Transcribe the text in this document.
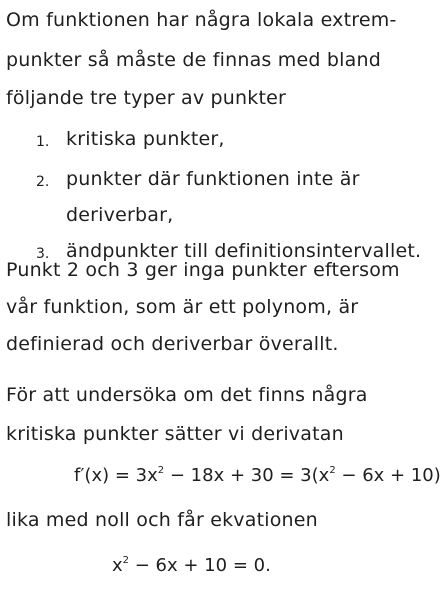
Om funktionen har några lokala extrem-
punkter så måste de finnas med bland
följande tre typer av punkter
1. kritiska punkter,
2. punkter där funktionen inte är
deriverbar,
3. ändpunkter till definitionsintervallet.
Punkt 2 och 3 ger inga punkter eftersom
vår funktion, som är ett polynom, är
definierad och deriverbar överallt.
För att undersöka om det finns några
kritiska punkter sätter vi derivatan
$f'(x) = 3x^2 - 18x + 30 = 3(x^2 - 6x + 10)$
lika med noll och får ekvationen
$x^2 - 6x + 10 = 0$.
